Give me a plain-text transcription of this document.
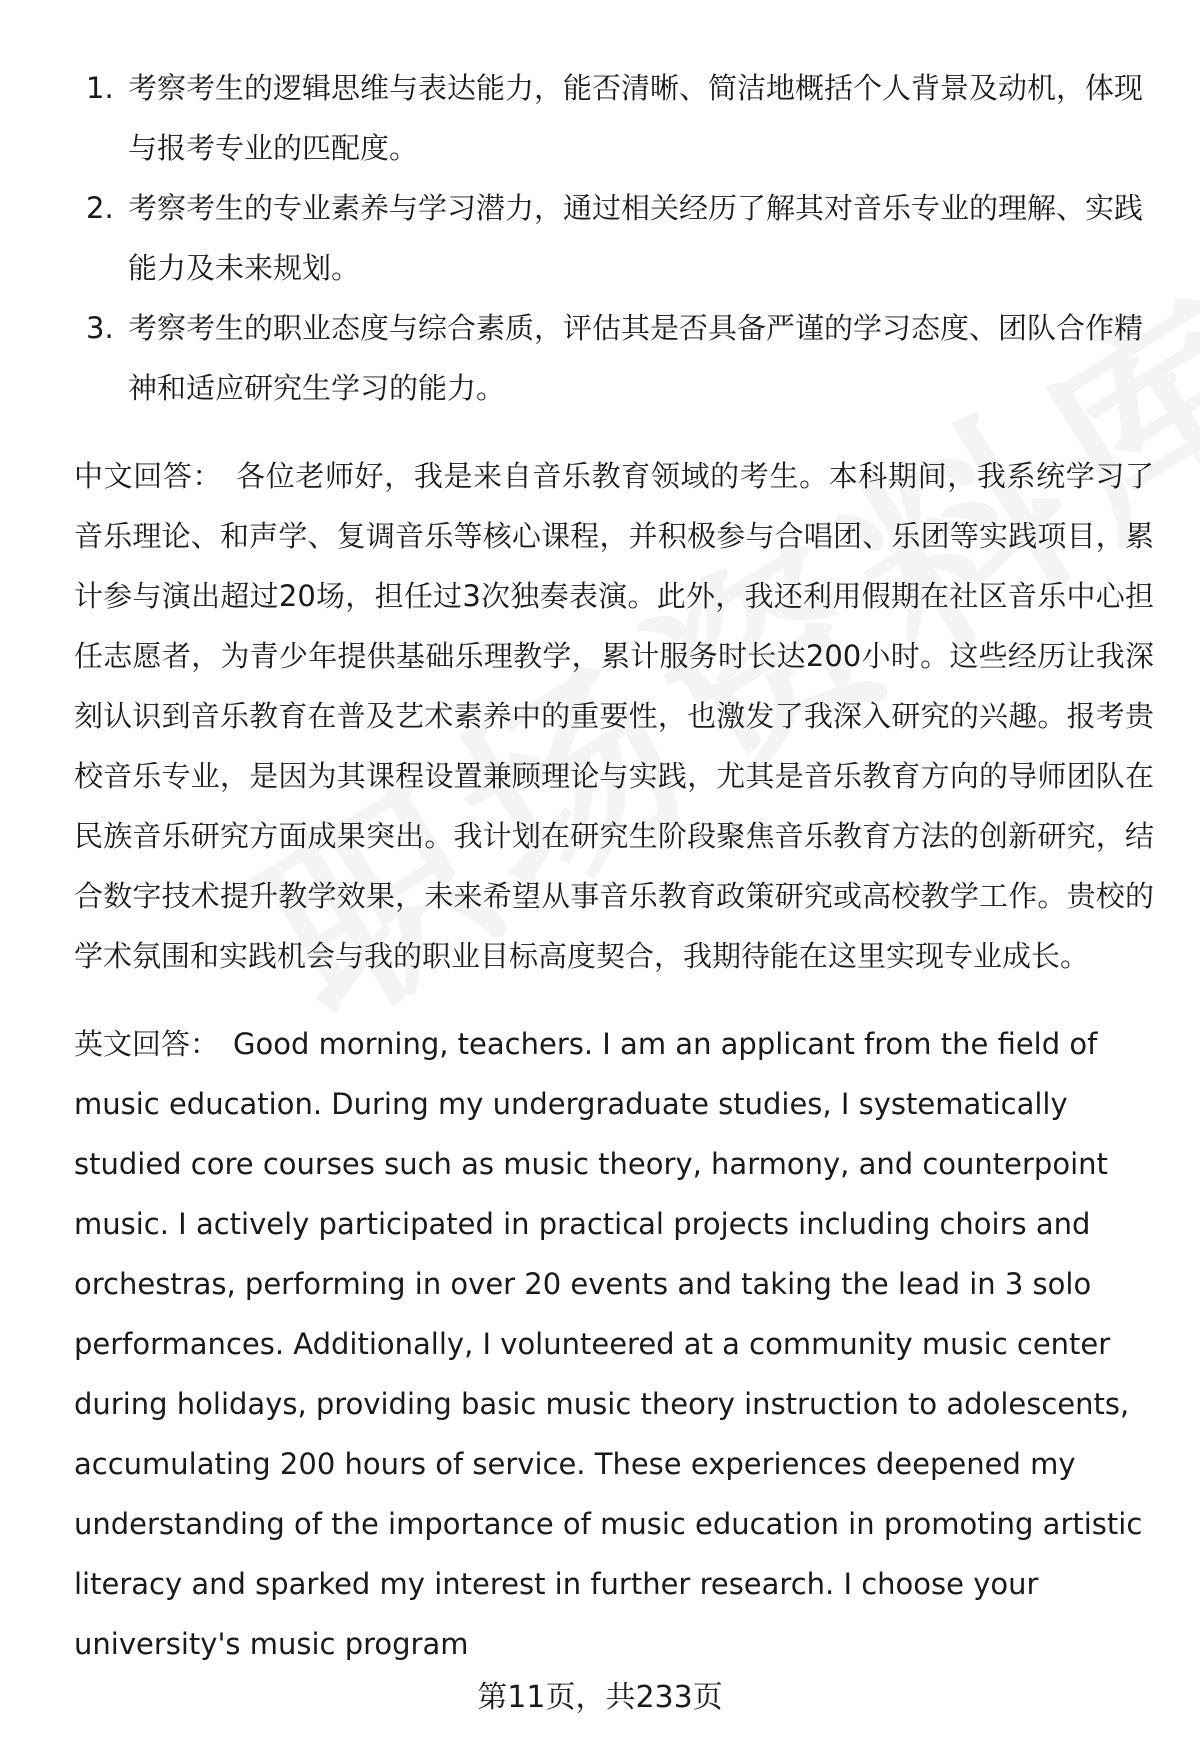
1. 考察考生的逻辑思维与表达能力，能否清晰、简洁地概括个人背景及动机，体现与报考专业的匹配度。
2. 考察考生的专业素养与学习潜力，通过相关经历了解其对音乐专业的理解、实践能力及未来规划。
3. 考察考生的职业态度与综合素质，评估其是否具备严谨的学习态度、团队合作精神和适应研究生学习的能力。

中文回答： 各位老师好，我是来自音乐教育领域的考生。本科期间，我系统学习了音乐理论、和声学、复调音乐等核心课程，并积极参与合唱团、乐团等实践项目，累计参与演出超过20场，担任过3次独奏表演。此外，我还利用假期在社区音乐中心担任志愿者，为青少年提供基础乐理教学，累计服务时长达200小时。这些经历让我深刻认识到音乐教育在普及艺术素养中的重要性，也激发了我深入研究的兴趣。报考贵校音乐专业，是因为其课程设置兼顾理论与实践，尤其是音乐教育方向的导师团队在民族音乐研究方面成果突出。我计划在研究生阶段聚焦音乐教育方法的创新研究，结合数字技术提升教学效果，未来希望从事音乐教育政策研究或高校教学工作。贵校的学术氛围和实践机会与我的职业目标高度契合，我期待能在这里实现专业成长。

英文回答： Good morning, teachers. I am an applicant from the field of music education. During my undergraduate studies, I systematically studied core courses such as music theory, harmony, and counterpoint music. I actively participated in practical projects including choirs and orchestras, performing in over 20 events and taking the lead in 3 solo performances. Additionally, I volunteered at a community music center during holidays, providing basic music theory instruction to adolescents, accumulating 200 hours of service. These experiences deepened my understanding of the importance of music education in promoting artistic literacy and sparked my interest in further research. I choose your university's music program

第11页，共233页
